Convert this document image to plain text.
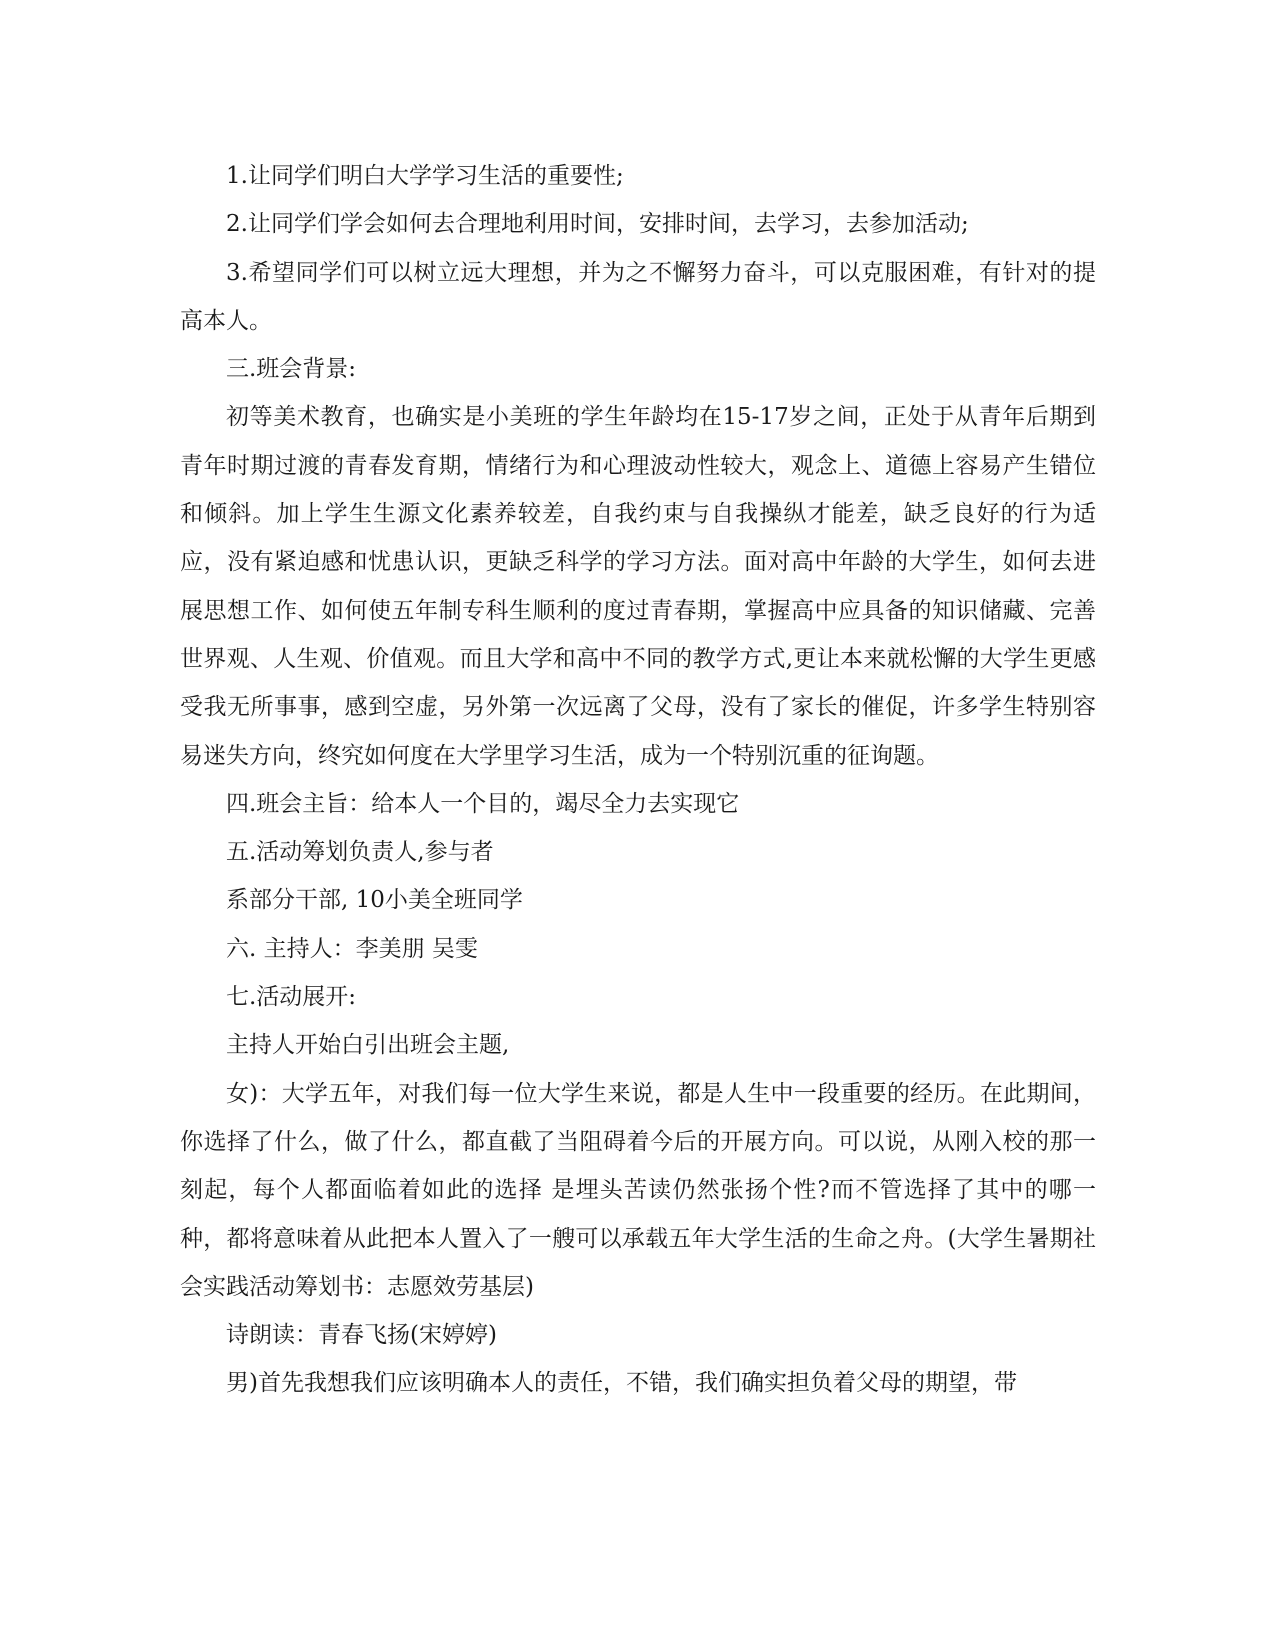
1.让同学们明白大学学习生活的重要性;

2.让同学们学会如何去合理地利用时间，安排时间，去学习，去参加活动;

3.希望同学们可以树立远大理想，并为之不懈努力奋斗，可以克服困难，有针对的提高本人。

三.班会背景:

初等美术教育，也确实是小美班的学生年龄均在15-17岁之间，正处于从青年后期到青年时期过渡的青春发育期，情绪行为和心理波动性较大，观念上、道德上容易产生错位和倾斜。加上学生生源文化素养较差，自我约束与自我操纵才能差，缺乏良好的行为适应，没有紧迫感和忧患认识，更缺乏科学的学习方法。面对高中年龄的大学生，如何去进展思想工作、如何使五年制专科生顺利的度过青春期，掌握高中应具备的知识储藏、完善世界观、人生观、价值观。而且大学和高中不同的教学方式,更让本来就松懈的大学生更感受我无所事事，感到空虚，另外第一次远离了父母，没有了家长的催促，许多学生特别容易迷失方向，终究如何度在大学里学习生活，成为一个特别沉重的征询题。

四.班会主旨：给本人一个目的，竭尽全力去实现它

五.活动筹划负责人,参与者

系部分干部, 10小美全班同学

六. 主持人：李美朋 吴雯

七.活动展开:

主持人开始白引出班会主题,

女)：大学五年，对我们每一位大学生来说，都是人生中一段重要的经历。在此期间，你选择了什么，做了什么，都直截了当阻碍着今后的开展方向。可以说，从刚入校的那一刻起，每个人都面临着如此的选择 是埋头苦读仍然张扬个性?而不管选择了其中的哪一种，都将意味着从此把本人置入了一艘可以承载五年大学生活的生命之舟。(大学生暑期社会实践活动筹划书：志愿效劳基层)

诗朗读：青春飞扬(宋婷婷)

男)首先我想我们应该明确本人的责任，不错，我们确实担负着父母的期望，带
